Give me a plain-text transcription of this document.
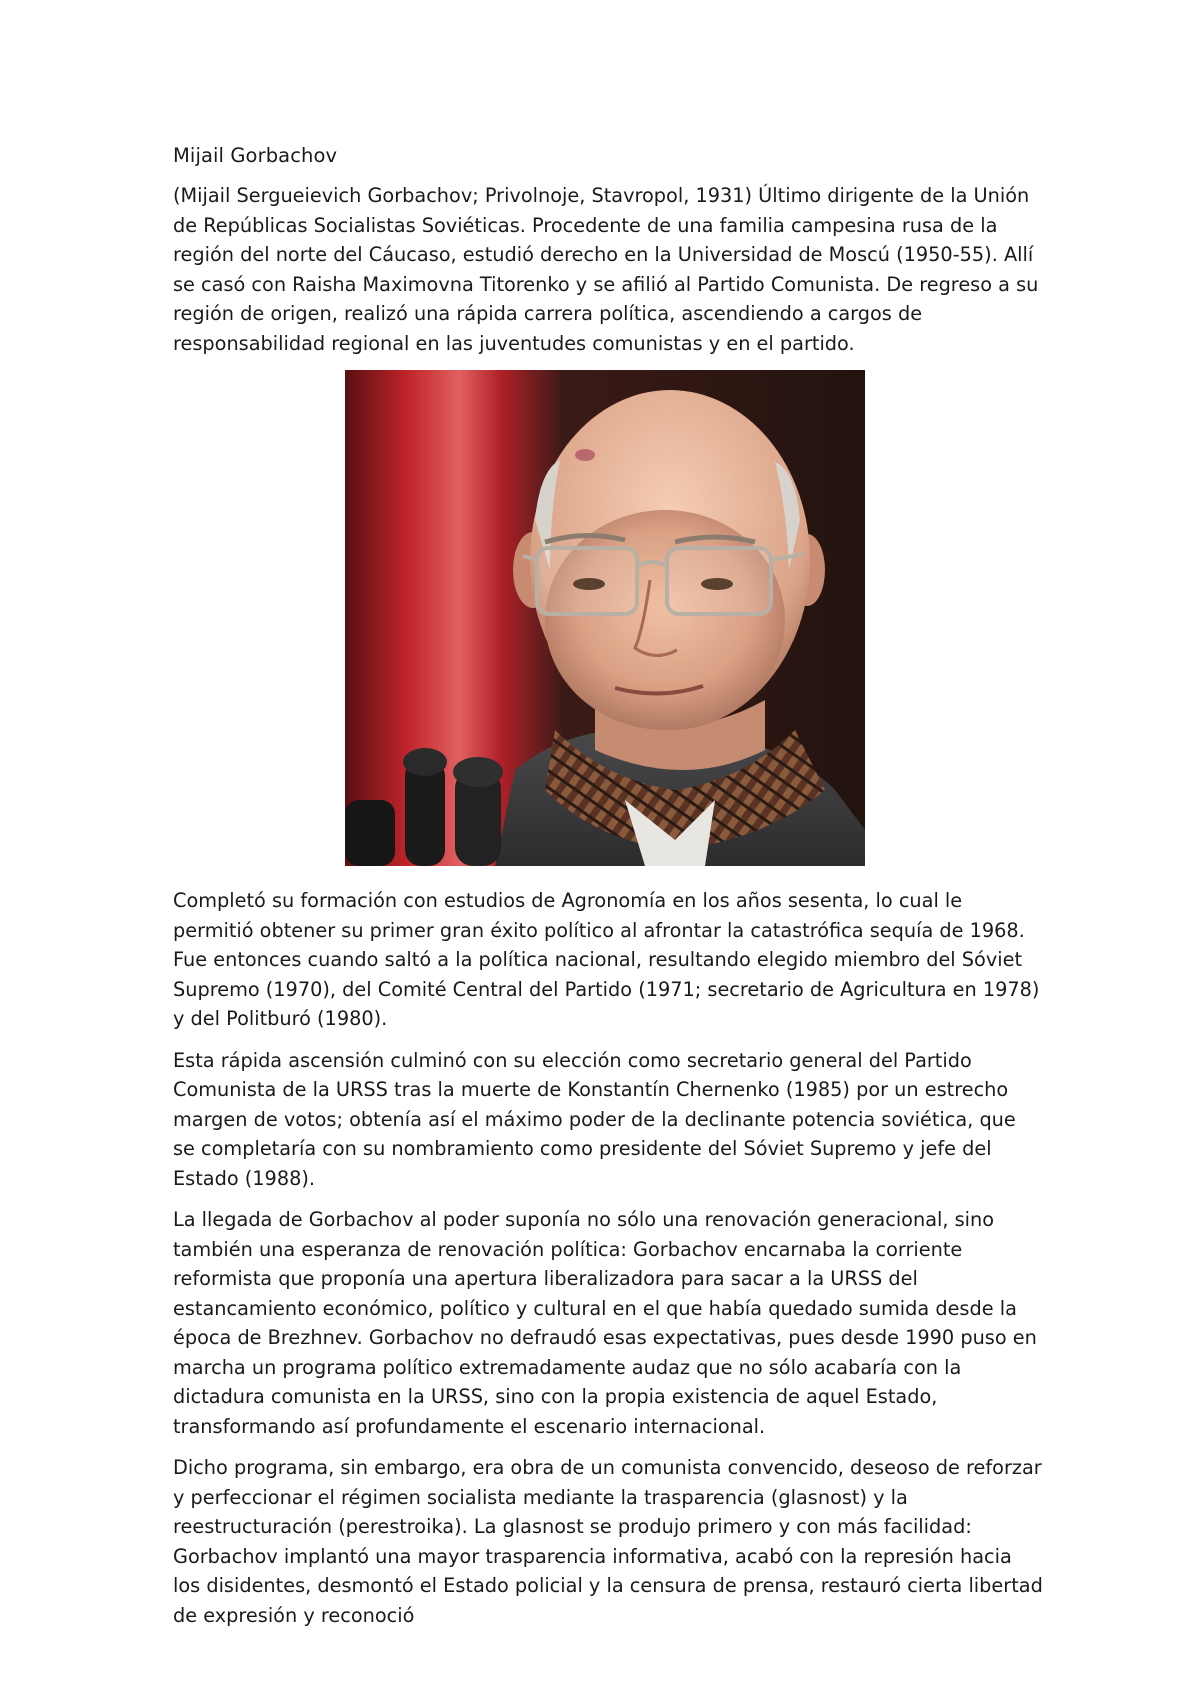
Mijail Gorbachov

(Mijail Sergueievich Gorbachov; Privolnoje, Stavropol, 1931) Último dirigente de la Unión de Repúblicas Socialistas Soviéticas. Procedente de una familia campesina rusa de la región del norte del Cáucaso, estudió derecho en la Universidad de Moscú (1950-55). Allí se casó con Raisha Maximovna Titorenko y se afilió al Partido Comunista. De regreso a su región de origen, realizó una rápida carrera política, ascendiendo a cargos de responsabilidad regional en las juventudes comunistas y en el partido.

Completó su formación con estudios de Agronomía en los años sesenta, lo cual le permitió obtener su primer gran éxito político al afrontar la catastrófica sequía de 1968. Fue entonces cuando saltó a la política nacional, resultando elegido miembro del Sóviet Supremo (1970), del Comité Central del Partido (1971; secretario de Agricultura en 1978) y del Politburó (1980).

Esta rápida ascensión culminó con su elección como secretario general del Partido Comunista de la URSS tras la muerte de Konstantín Chernenko (1985) por un estrecho margen de votos; obtenía así el máximo poder de la declinante potencia soviética, que se completaría con su nombramiento como presidente del Sóviet Supremo y jefe del Estado (1988).

La llegada de Gorbachov al poder suponía no sólo una renovación generacional, sino también una esperanza de renovación política: Gorbachov encarnaba la corriente reformista que proponía una apertura liberalizadora para sacar a la URSS del estancamiento económico, político y cultural en el que había quedado sumida desde la época de Brezhnev. Gorbachov no defraudó esas expectativas, pues desde 1990 puso en marcha un programa político extremadamente audaz que no sólo acabaría con la dictadura comunista en la URSS, sino con la propia existencia de aquel Estado, transformando así profundamente el escenario internacional.

Dicho programa, sin embargo, era obra de un comunista convencido, deseoso de reforzar y perfeccionar el régimen socialista mediante la trasparencia (glasnost) y la reestructuración (perestroika). La glasnost se produjo primero y con más facilidad: Gorbachov implantó una mayor trasparencia informativa, acabó con la represión hacia los disidentes, desmontó el Estado policial y la censura de prensa, restauró cierta libertad de expresión y reconoció
